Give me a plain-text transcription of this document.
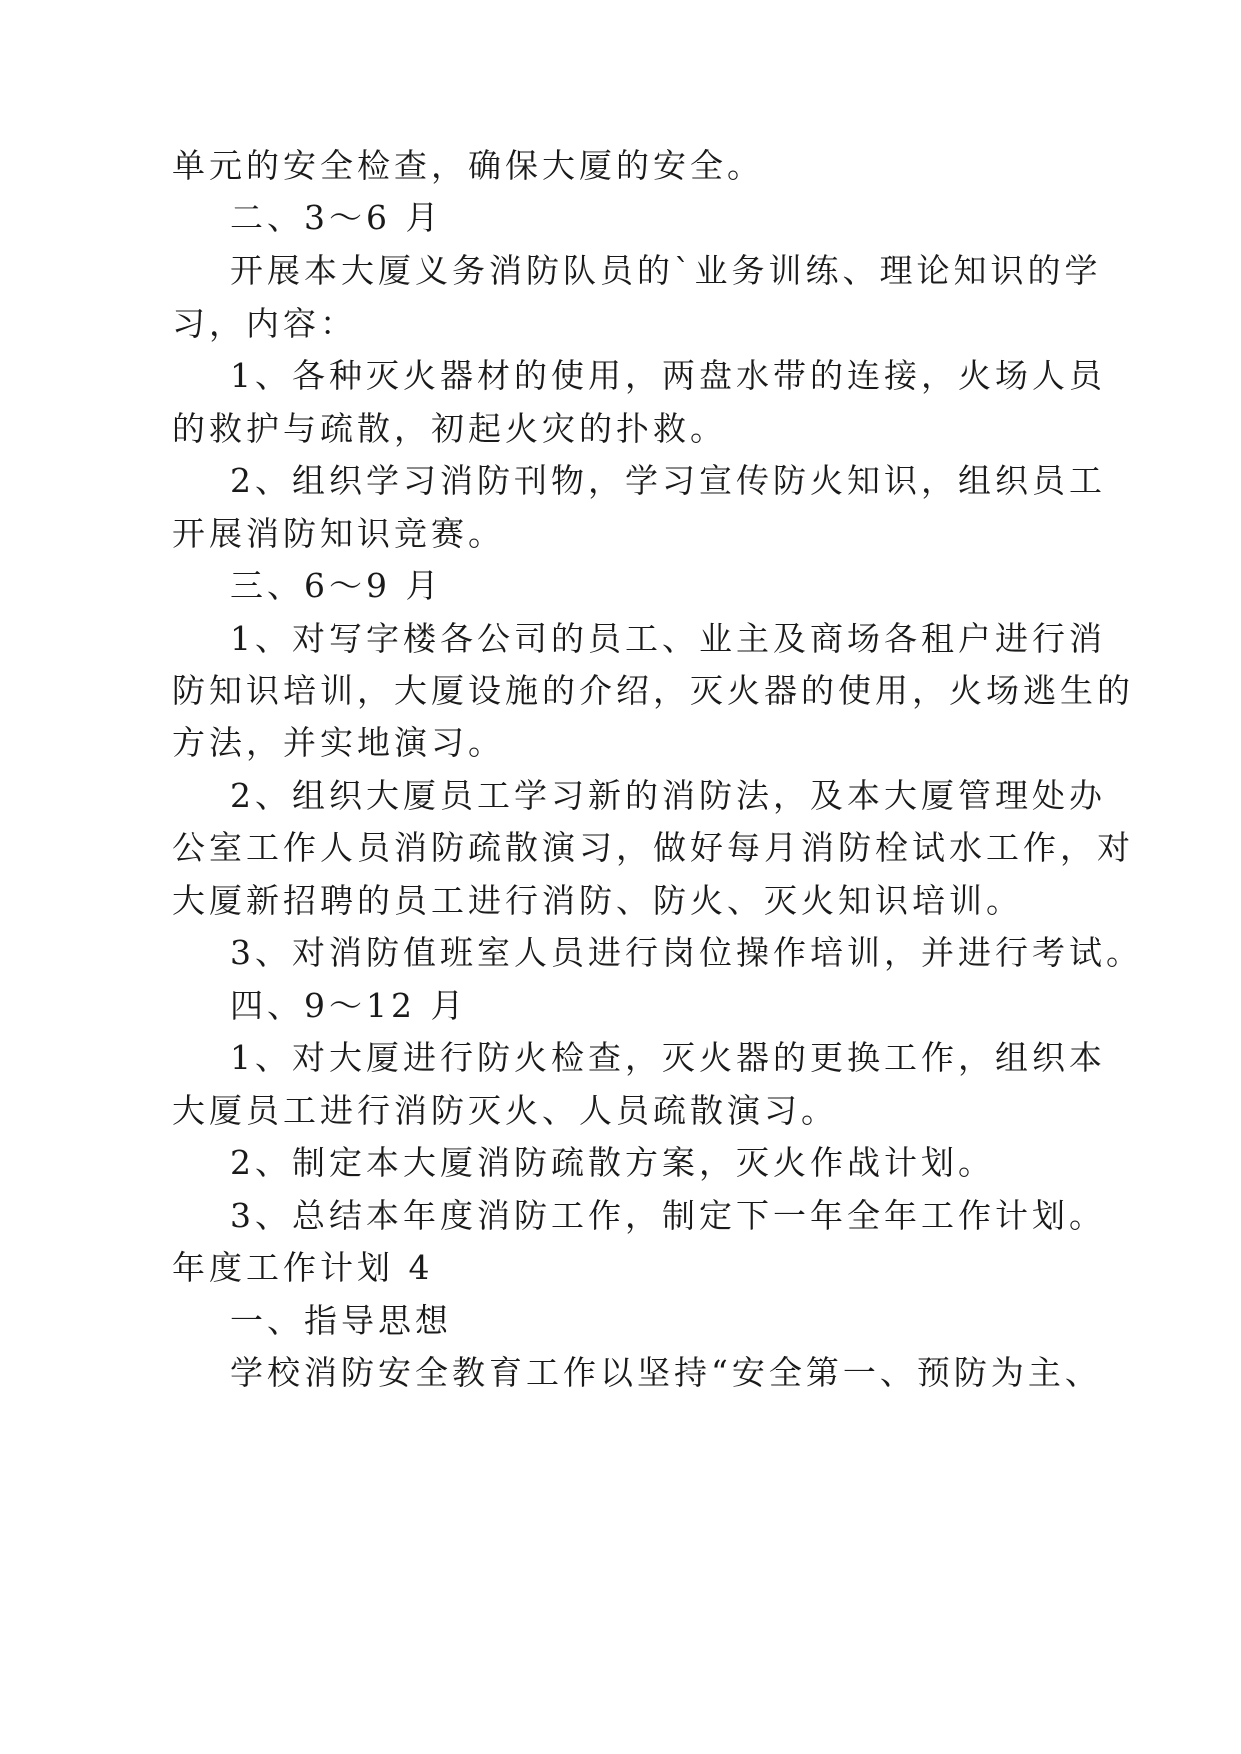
单元的安全检查，确保大厦的安全。
二、3～6 月
开展本大厦义务消防队员的`业务训练、理论知识的学
习，内容：
1、各种灭火器材的使用，两盘水带的连接，火场人员
的救护与疏散，初起火灾的扑救。
2、组织学习消防刊物，学习宣传防火知识，组织员工
开展消防知识竞赛。
三、6～9 月
1、对写字楼各公司的员工、业主及商场各租户进行消
防知识培训，大厦设施的介绍，灭火器的使用，火场逃生的
方法，并实地演习。
2、组织大厦员工学习新的消防法，及本大厦管理处办
公室工作人员消防疏散演习，做好每月消防栓试水工作，对
大厦新招聘的员工进行消防、防火、灭火知识培训。
3、对消防值班室人员进行岗位操作培训，并进行考试。
四、9～12 月
1、对大厦进行防火检查，灭火器的更换工作，组织本
大厦员工进行消防灭火、人员疏散演习。
2、制定本大厦消防疏散方案，灭火作战计划。
3、总结本年度消防工作，制定下一年全年工作计划。
年度工作计划 4
一、指导思想
学校消防安全教育工作以坚持“安全第一、预防为主、
